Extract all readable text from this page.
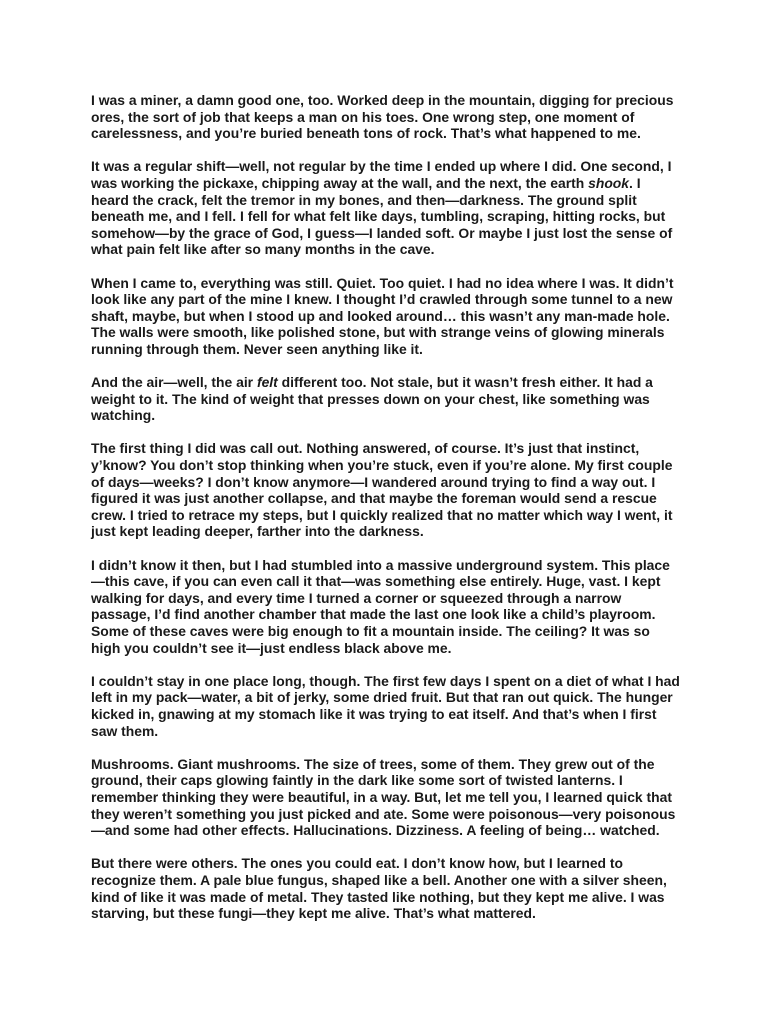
I was a miner, a damn good one, too. Worked deep in the mountain, digging for precious ores, the sort of job that keeps a man on his toes. One wrong step, one moment of carelessness, and you’re buried beneath tons of rock. That’s what happened to me.

It was a regular shift—well, not regular by the time I ended up where I did. One second, I was working the pickaxe, chipping away at the wall, and the next, the earth shook. I heard the crack, felt the tremor in my bones, and then—darkness. The ground split beneath me, and I fell. I fell for what felt like days, tumbling, scraping, hitting rocks, but somehow—by the grace of God, I guess—I landed soft. Or maybe I just lost the sense of what pain felt like after so many months in the cave.

When I came to, everything was still. Quiet. Too quiet. I had no idea where I was. It didn’t look like any part of the mine I knew. I thought I’d crawled through some tunnel to a new shaft, maybe, but when I stood up and looked around… this wasn’t any man-made hole. The walls were smooth, like polished stone, but with strange veins of glowing minerals running through them. Never seen anything like it.

And the air—well, the air felt different too. Not stale, but it wasn’t fresh either. It had a weight to it. The kind of weight that presses down on your chest, like something was watching.

The first thing I did was call out. Nothing answered, of course. It’s just that instinct, y’know? You don’t stop thinking when you’re stuck, even if you’re alone. My first couple of days—weeks? I don’t know anymore—I wandered around trying to find a way out. I figured it was just another collapse, and that maybe the foreman would send a rescue crew. I tried to retrace my steps, but I quickly realized that no matter which way I went, it just kept leading deeper, farther into the darkness.

I didn’t know it then, but I had stumbled into a massive underground system. This place —this cave, if you can even call it that—was something else entirely. Huge, vast. I kept walking for days, and every time I turned a corner or squeezed through a narrow passage, I’d find another chamber that made the last one look like a child’s playroom. Some of these caves were big enough to fit a mountain inside. The ceiling? It was so high you couldn’t see it—just endless black above me.

I couldn’t stay in one place long, though. The first few days I spent on a diet of what I had left in my pack—water, a bit of jerky, some dried fruit. But that ran out quick. The hunger kicked in, gnawing at my stomach like it was trying to eat itself. And that’s when I first saw them.

Mushrooms. Giant mushrooms. The size of trees, some of them. They grew out of the ground, their caps glowing faintly in the dark like some sort of twisted lanterns. I remember thinking they were beautiful, in a way. But, let me tell you, I learned quick that they weren’t something you just picked and ate. Some were poisonous—very poisonous —and some had other effects. Hallucinations. Dizziness. A feeling of being… watched.

But there were others. The ones you could eat. I don’t know how, but I learned to recognize them. A pale blue fungus, shaped like a bell. Another one with a silver sheen, kind of like it was made of metal. They tasted like nothing, but they kept me alive. I was starving, but these fungi—they kept me alive. That’s what mattered.
